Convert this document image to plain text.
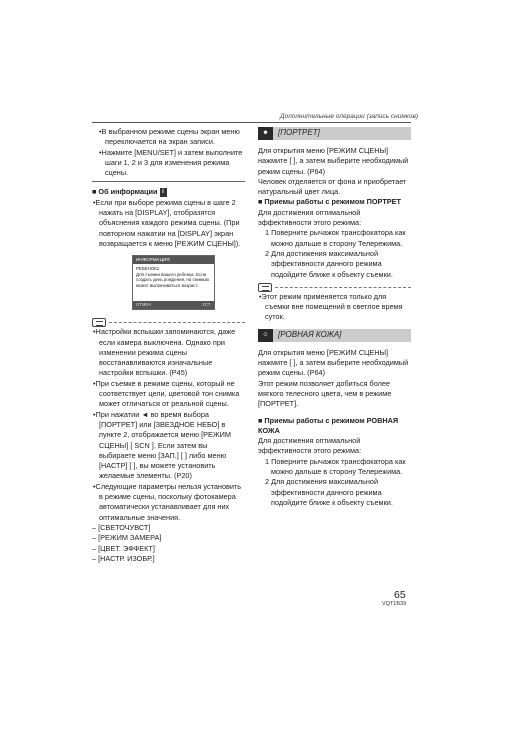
Дополнительные операции (запись снимков)

•В выбранном режиме сцены экран меню переключается на экран записи.

•Нажмите [MENU/SET] и затем выполните шаги 1, 2 и 3 для изменения режима сцены.

■ Об информации i

•Если при выборе режима сцены в шаге 2 нажать на [DISPLAY], отобразятся объяснения каждого режима сцены. (При повторном нажатии на [DISPLAY] экран возвращается к меню [РЕЖИМ СЦЕНЫ]).

ИНФОРМАЦИЯ
РЕБЕНОК1
Для съемки вашего ребенка. Если создать день рождения, на снимках может высвечиваться возраст.
ОТМЕН	УСТ.

•Настройки вспышки запоминаются, даже если камера выключена. Однако при изменении режима сцены восстанавливаются изначальные настройки вспышки. (P45)

•При съемке в режиме сцены, который не соответствует цели, цветовой тон снимка может отличаться от реальной сцены.

•При нажатии ◄ во время выбора [ПОРТРЕТ] или [ЗВЕЗДНОЕ НЕБО] в пункте 2, отображается меню [РЕЖИМ СЦЕНЫ] [ SCN ]. Если затем вы выбираете меню [ЗАП.] [ ] либо меню [НАСТР] [ ], вы можете установить желаемые элементы. (P20)

•Следующие параметры нельзя установить в режиме сцены, поскольку фотокамера автоматически устанавливает для них оптимальные значения.

– [СВЕТОЧУВСТ]

– [РЕЖИМ ЗАМЕРА]

– [ЦВЕТ. ЭФФЕКТ]

– [НАСТР. ИЗОБР.]

☻	[ПОРТРЕТ]

Для открытия меню [РЕЖИМ СЦЕНЫ] нажмите [ ], а затем выберите необходимый режим сцены. (P64)

Человек отделяется от фона и приобретает натуральный цвет лица.

■ Приемы работы с режимом ПОРТРЕТ

Для достижения оптимальной эффективности этого режима:

1 Поверните рычажок трансфокатора как можно дальше в сторону Телережима.

2 Для достижения максимальной эффективности данного режима подойдите ближе к объекту съемки.

•Этот режим применяется только для съемки вне помещений в светлое время суток.

☺	[РОВНАЯ КОЖА]

Для открытия меню [РЕЖИМ СЦЕНЫ] нажмите [ ], а затем выберите необходимый режим сцены. (P64)

Этот режим позволяет добиться более мягкого телесного цвета, чем в режиме [ПОРТРЕТ].

■ Приемы работы с режимом РОВНАЯ КОЖА

Для достижения оптимальной эффективности этого режима:

1 Поверните рычажок трансфокатора как можно дальше в сторону Телережима.

2 Для достижения максимальной эффективности данного режима подойдите ближе к объекту съемки.

65
VQT1B39
